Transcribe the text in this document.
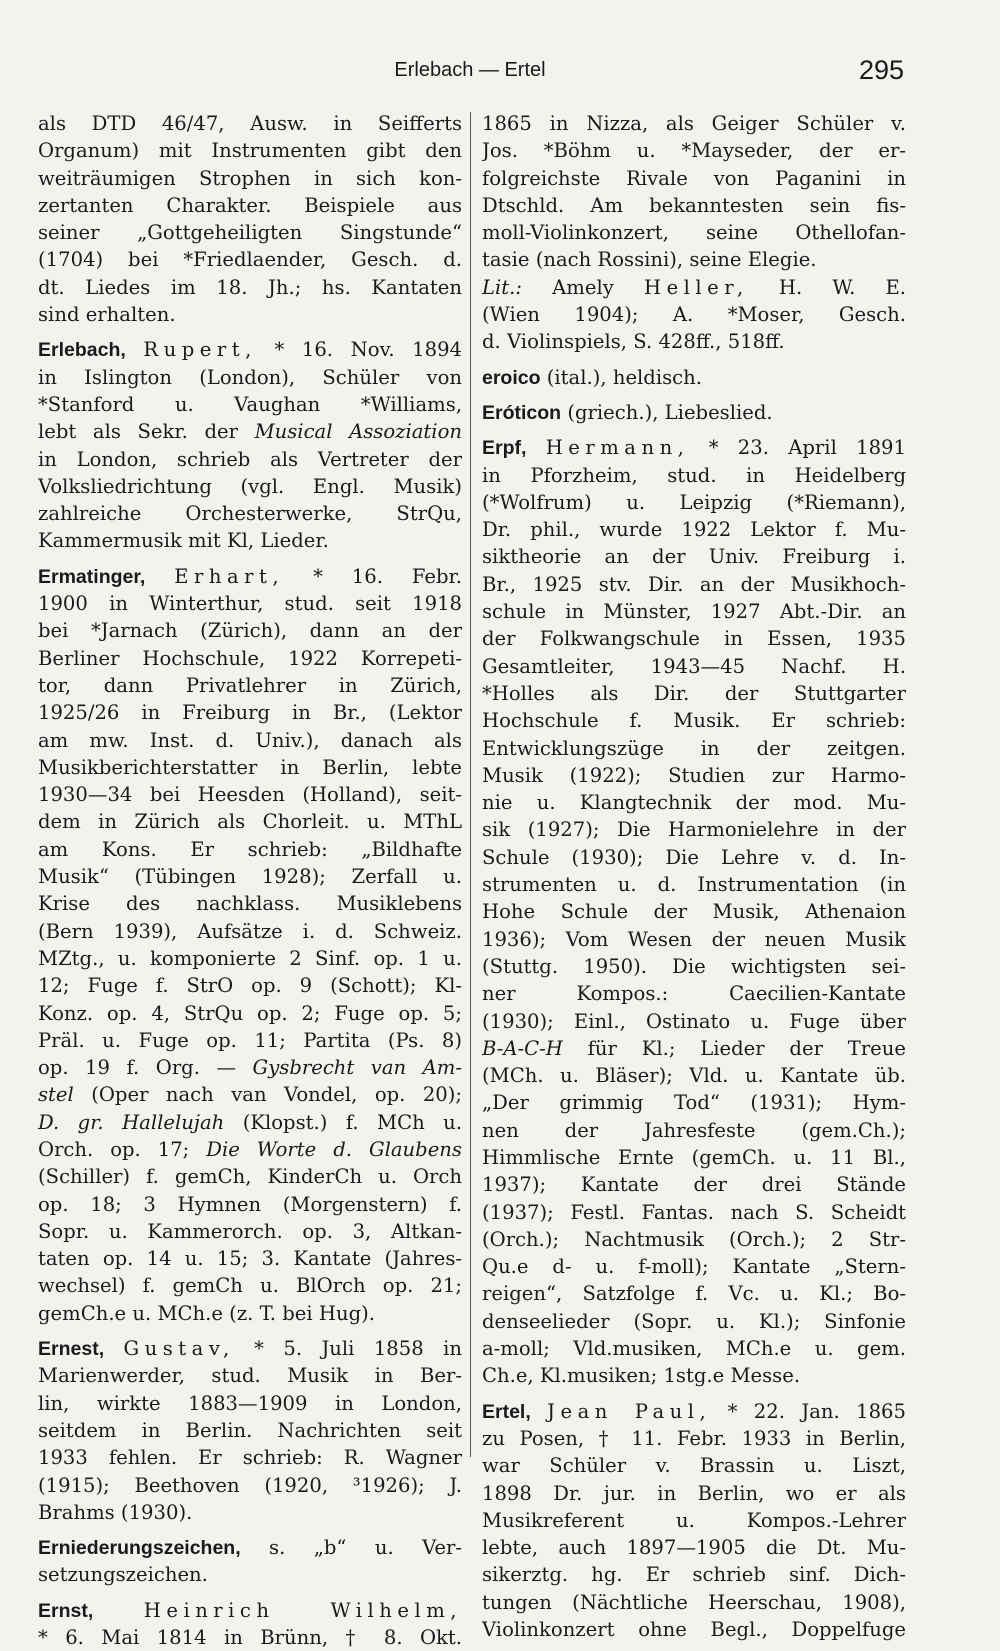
Erlebach — Ertel	295
als DTD 46/47, Ausw. in Seifferts
Organum) mit Instrumenten gibt den
weiträumigen Strophen in sich kon-
zertanten Charakter. Beispiele aus
seiner „Gottgeheiligten Singstunde“
(1704) bei *Friedlaender, Gesch. d.
dt. Liedes im 18. Jh.; hs. Kantaten
sind erhalten.
Erlebach, Rupert, * 16. Nov. 1894
in Islington (London), Schüler von
*Stanford u. Vaughan *Williams,
lebt als Sekr. der Musical Assoziation
in London, schrieb als Vertreter der
Volksliedrichtung (vgl. Engl. Musik)
zahlreiche Orchesterwerke, StrQu,
Kammermusik mit Kl, Lieder.
Ermatinger, Erhart, * 16. Febr.
1900 in Winterthur, stud. seit 1918
bei *Jarnach (Zürich), dann an der
Berliner Hochschule, 1922 Korrepeti-
tor, dann Privatlehrer in Zürich,
1925/26 in Freiburg in Br., (Lektor
am mw. Inst. d. Univ.), danach als
Musikberichterstatter in Berlin, lebte
1930—34 bei Heesden (Holland), seit-
dem in Zürich als Chorleit. u. MThL
am Kons. Er schrieb: „Bildhafte
Musik“ (Tübingen 1928); Zerfall u.
Krise des nachklass. Musiklebens
(Bern 1939), Aufsätze i. d. Schweiz.
MZtg., u. komponierte 2 Sinf. op. 1 u.
12; Fuge f. StrO op. 9 (Schott); Kl-
Konz. op. 4, StrQu op. 2; Fuge op. 5;
Präl. u. Fuge op. 11; Partita (Ps. 8)
op. 19 f. Org. — Gysbrecht van Am-
stel (Oper nach van Vondel, op. 20);
D. gr. Hallelujah (Klopst.) f. MCh u.
Orch. op. 17; Die Worte d. Glaubens
(Schiller) f. gemCh, KinderCh u. Orch
op. 18; 3 Hymnen (Morgenstern) f.
Sopr. u. Kammerorch. op. 3, Altkan-
taten op. 14 u. 15; 3. Kantate (Jahres-
wechsel) f. gemCh u. BlOrch op. 21;
gemCh.e u. MCh.e (z. T. bei Hug).
Ernest, Gustav, * 5. Juli 1858 in
Marienwerder, stud. Musik in Ber-
lin, wirkte 1883—1909 in London,
seitdem in Berlin. Nachrichten seit
1933 fehlen. Er schrieb: R. Wagner
(1915); Beethoven (1920, ³1926); J.
Brahms (1930).
Erniederungszeichen, s. „b“ u. Ver-
setzungszeichen.
Ernst,	Heinrich Wilhelm,
* 6. Mai 1814 in Brünn, † 8. Okt.
1865 in Nizza, als Geiger Schüler v.
Jos. *Böhm u. *Mayseder, der er-
folgreichste Rivale von Paganini in
Dtschld. Am bekanntesten sein fis-
moll-Violinkonzert, seine Othellofan-
tasie (nach Rossini), seine Elegie.
Lit.: Amely Heller, H. W. E.
(Wien 1904); A. *Moser, Gesch.
d. Violinspiels, S. 428ff., 518ff.
eroico (ital.), heldisch.
Eróticon (griech.), Liebeslied.
Erpf, Hermann, * 23. April 1891
in Pforzheim, stud. in Heidelberg
(*Wolfrum) u. Leipzig (*Riemann),
Dr. phil., wurde 1922 Lektor f. Mu-
siktheorie an der Univ. Freiburg i.
Br., 1925 stv. Dir. an der Musikhoch-
schule in Münster, 1927 Abt.-Dir. an
der Folkwangschule in Essen, 1935
Gesamtleiter, 1943—45 Nachf. H.
*Holles als Dir. der Stuttgarter
Hochschule f. Musik. Er schrieb:
Entwicklungszüge in der zeitgen.
Musik (1922); Studien zur Harmo-
nie u. Klangtechnik der mod. Mu-
sik (1927); Die Harmonielehre in der
Schule (1930); Die Lehre v. d. In-
strumenten u. d. Instrumentation (in
Hohe Schule der Musik, Athenaion
1936); Vom Wesen der neuen Musik
(Stuttg. 1950). Die wichtigsten sei-
ner Kompos.: Caecilien-Kantate
(1930); Einl., Ostinato u. Fuge über
B-A-C-H für Kl.; Lieder der Treue
(MCh. u. Bläser); Vld. u. Kantate üb.
„Der grimmig Tod“ (1931); Hym-
nen der Jahresfeste (gem.Ch.);
Himmlische Ernte (gemCh. u. 11 Bl.,
1937); Kantate der drei Stände
(1937); Festl. Fantas. nach S. Scheidt
(Orch.); Nachtmusik (Orch.); 2 Str-
Qu.e d- u. f-moll); Kantate „Stern-
reigen“, Satzfolge f. Vc. u. Kl.; Bo-
denseelieder (Sopr. u. Kl.); Sinfonie
a-moll; Vld.musiken, MCh.e u. gem.
Ch.e, Kl.musiken; 1stg.e Messe.
Ertel, Jean Paul, * 22. Jan. 1865
zu Posen, † 11. Febr. 1933 in Berlin,
war Schüler v. Brassin u. Liszt,
1898 Dr. jur. in Berlin, wo er als
Musikreferent u. Kompos.-Lehrer
lebte, auch 1897—1905 die Dt. Mu-
sikerztg. hg. Er schrieb sinf. Dich-
tungen (Nächtliche Heerschau, 1908),
Violinkonzert ohne Begl., Doppelfuge
